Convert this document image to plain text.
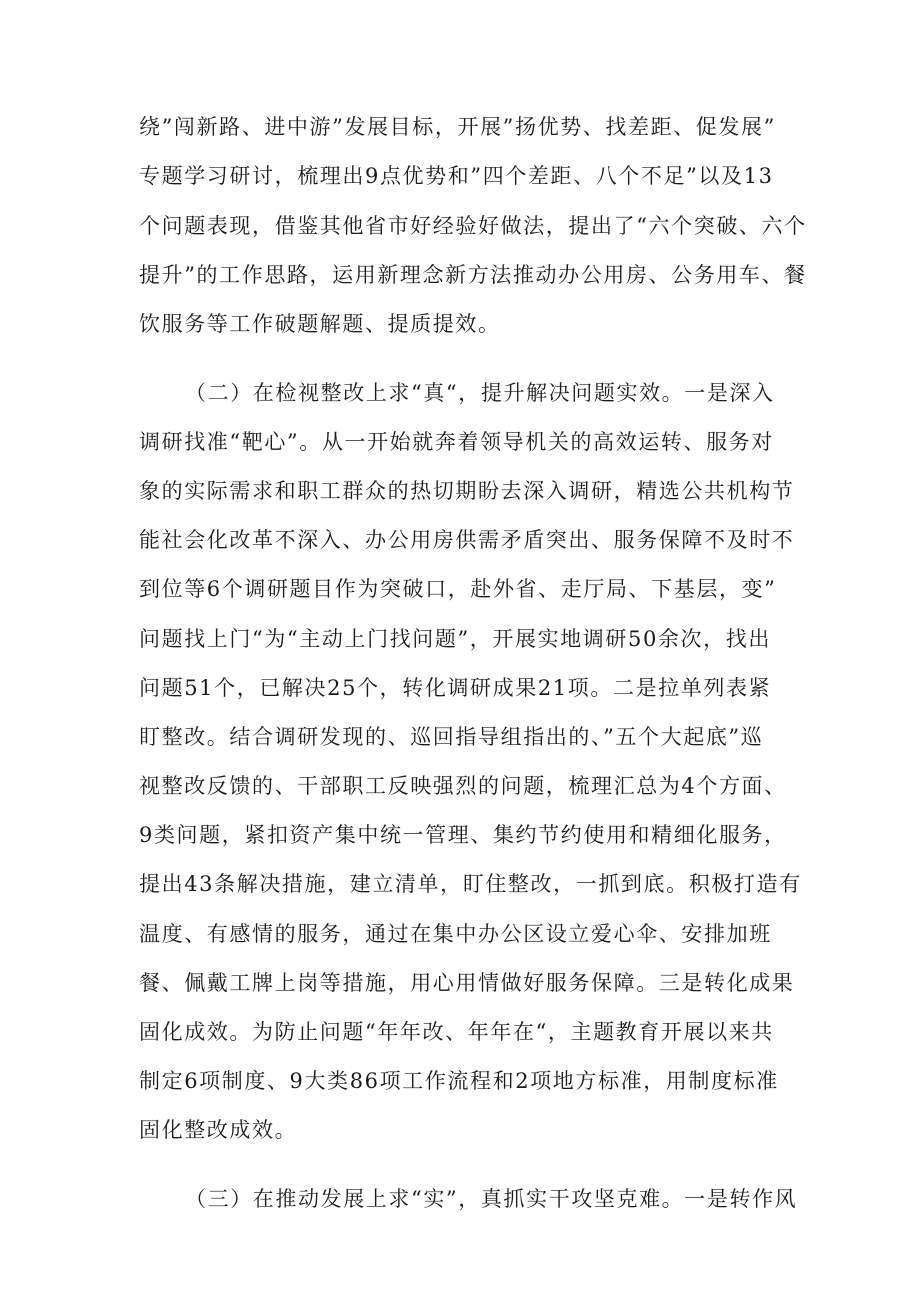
绕”闯新路、进中游”发展目标，开展”扬优势、找差距、促发展”
专题学习研讨，梳理出9点优势和”四个差距、八个不足”以及13
个问题表现，借鉴其他省市好经验好做法，提出了“六个突破、六个
提升”的工作思路，运用新理念新方法推动办公用房、公务用车、餐
饮服务等工作破题解题、提质提效。
（二）在检视整改上求“真“，提升解决问题实效。一是深入
调研找准“靶心”。从一开始就奔着领导机关的高效运转、服务对
象的实际需求和职工群众的热切期盼去深入调研，精选公共机构节
能社会化改革不深入、办公用房供需矛盾突出、服务保障不及时不
到位等6个调研题目作为突破口，赴外省、走厅局、下基层，变”
问题找上门“为“主动上门找问题”，开展实地调研50余次，找出
问题51个，已解决25个，转化调研成果21项。二是拉单列表紧
盯整改。结合调研发现的、巡回指导组指出的、”五个大起底”巡
视整改反馈的、干部职工反映强烈的问题，梳理汇总为4个方面、
9类问题，紧扣资产集中统一管理、集约节约使用和精细化服务，
提出43条解决措施，建立清单，盯住整改，一抓到底。积极打造有
温度、有感情的服务，通过在集中办公区设立爱心伞、安排加班
餐、佩戴工牌上岗等措施，用心用情做好服务保障。三是转化成果
固化成效。为防止问题“年年改、年年在“，主题教育开展以来共
制定6项制度、9大类86项工作流程和2项地方标准，用制度标准
固化整改成效。
（三）在推动发展上求“实”，真抓实干攻坚克难。一是转作风
